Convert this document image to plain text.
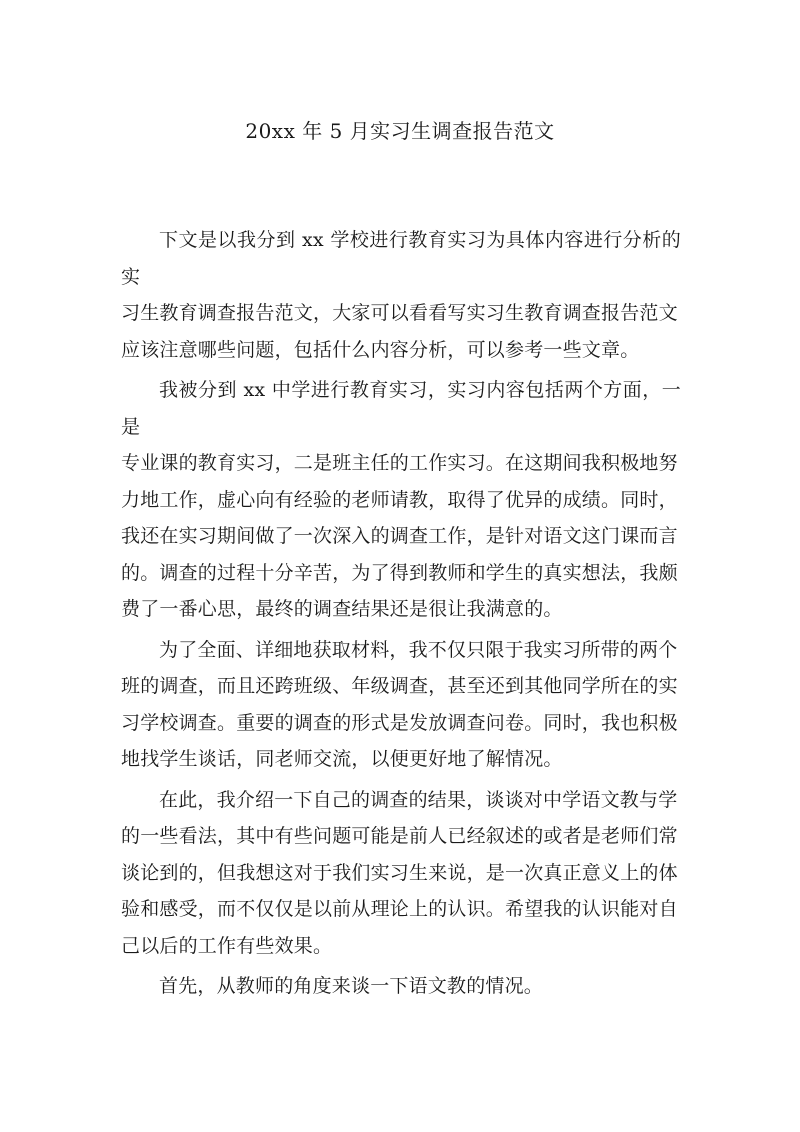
20xx 年 5 月实习生调查报告范文

下文是以我分到 xx 学校进行教育实习为具体内容进行分析的实
习生教育调查报告范文，大家可以看看写实习生教育调查报告范文
应该注意哪些问题，包括什么内容分析，可以参考一些文章。

我被分到 xx 中学进行教育实习，实习内容包括两个方面，一是
专业课的教育实习，二是班主任的工作实习。在这期间我积极地努
力地工作，虚心向有经验的老师请教，取得了优异的成绩。同时，
我还在实习期间做了一次深入的调查工作，是针对语文这门课而言
的。调查的过程十分辛苦，为了得到教师和学生的真实想法，我颇
费了一番心思，最终的调查结果还是很让我满意的。

为了全面、详细地获取材料，我不仅只限于我实习所带的两个
班的调查，而且还跨班级、年级调查，甚至还到其他同学所在的实
习学校调查。重要的调查的形式是发放调查问卷。同时，我也积极
地找学生谈话，同老师交流，以便更好地了解情况。

在此，我介绍一下自己的调查的结果，谈谈对中学语文教与学
的一些看法，其中有些问题可能是前人已经叙述的或者是老师们常
谈论到的，但我想这对于我们实习生来说，是一次真正意义上的体
验和感受，而不仅仅是以前从理论上的认识。希望我的认识能对自
己以后的工作有些效果。

首先，从教师的角度来谈一下语文教的情况。
